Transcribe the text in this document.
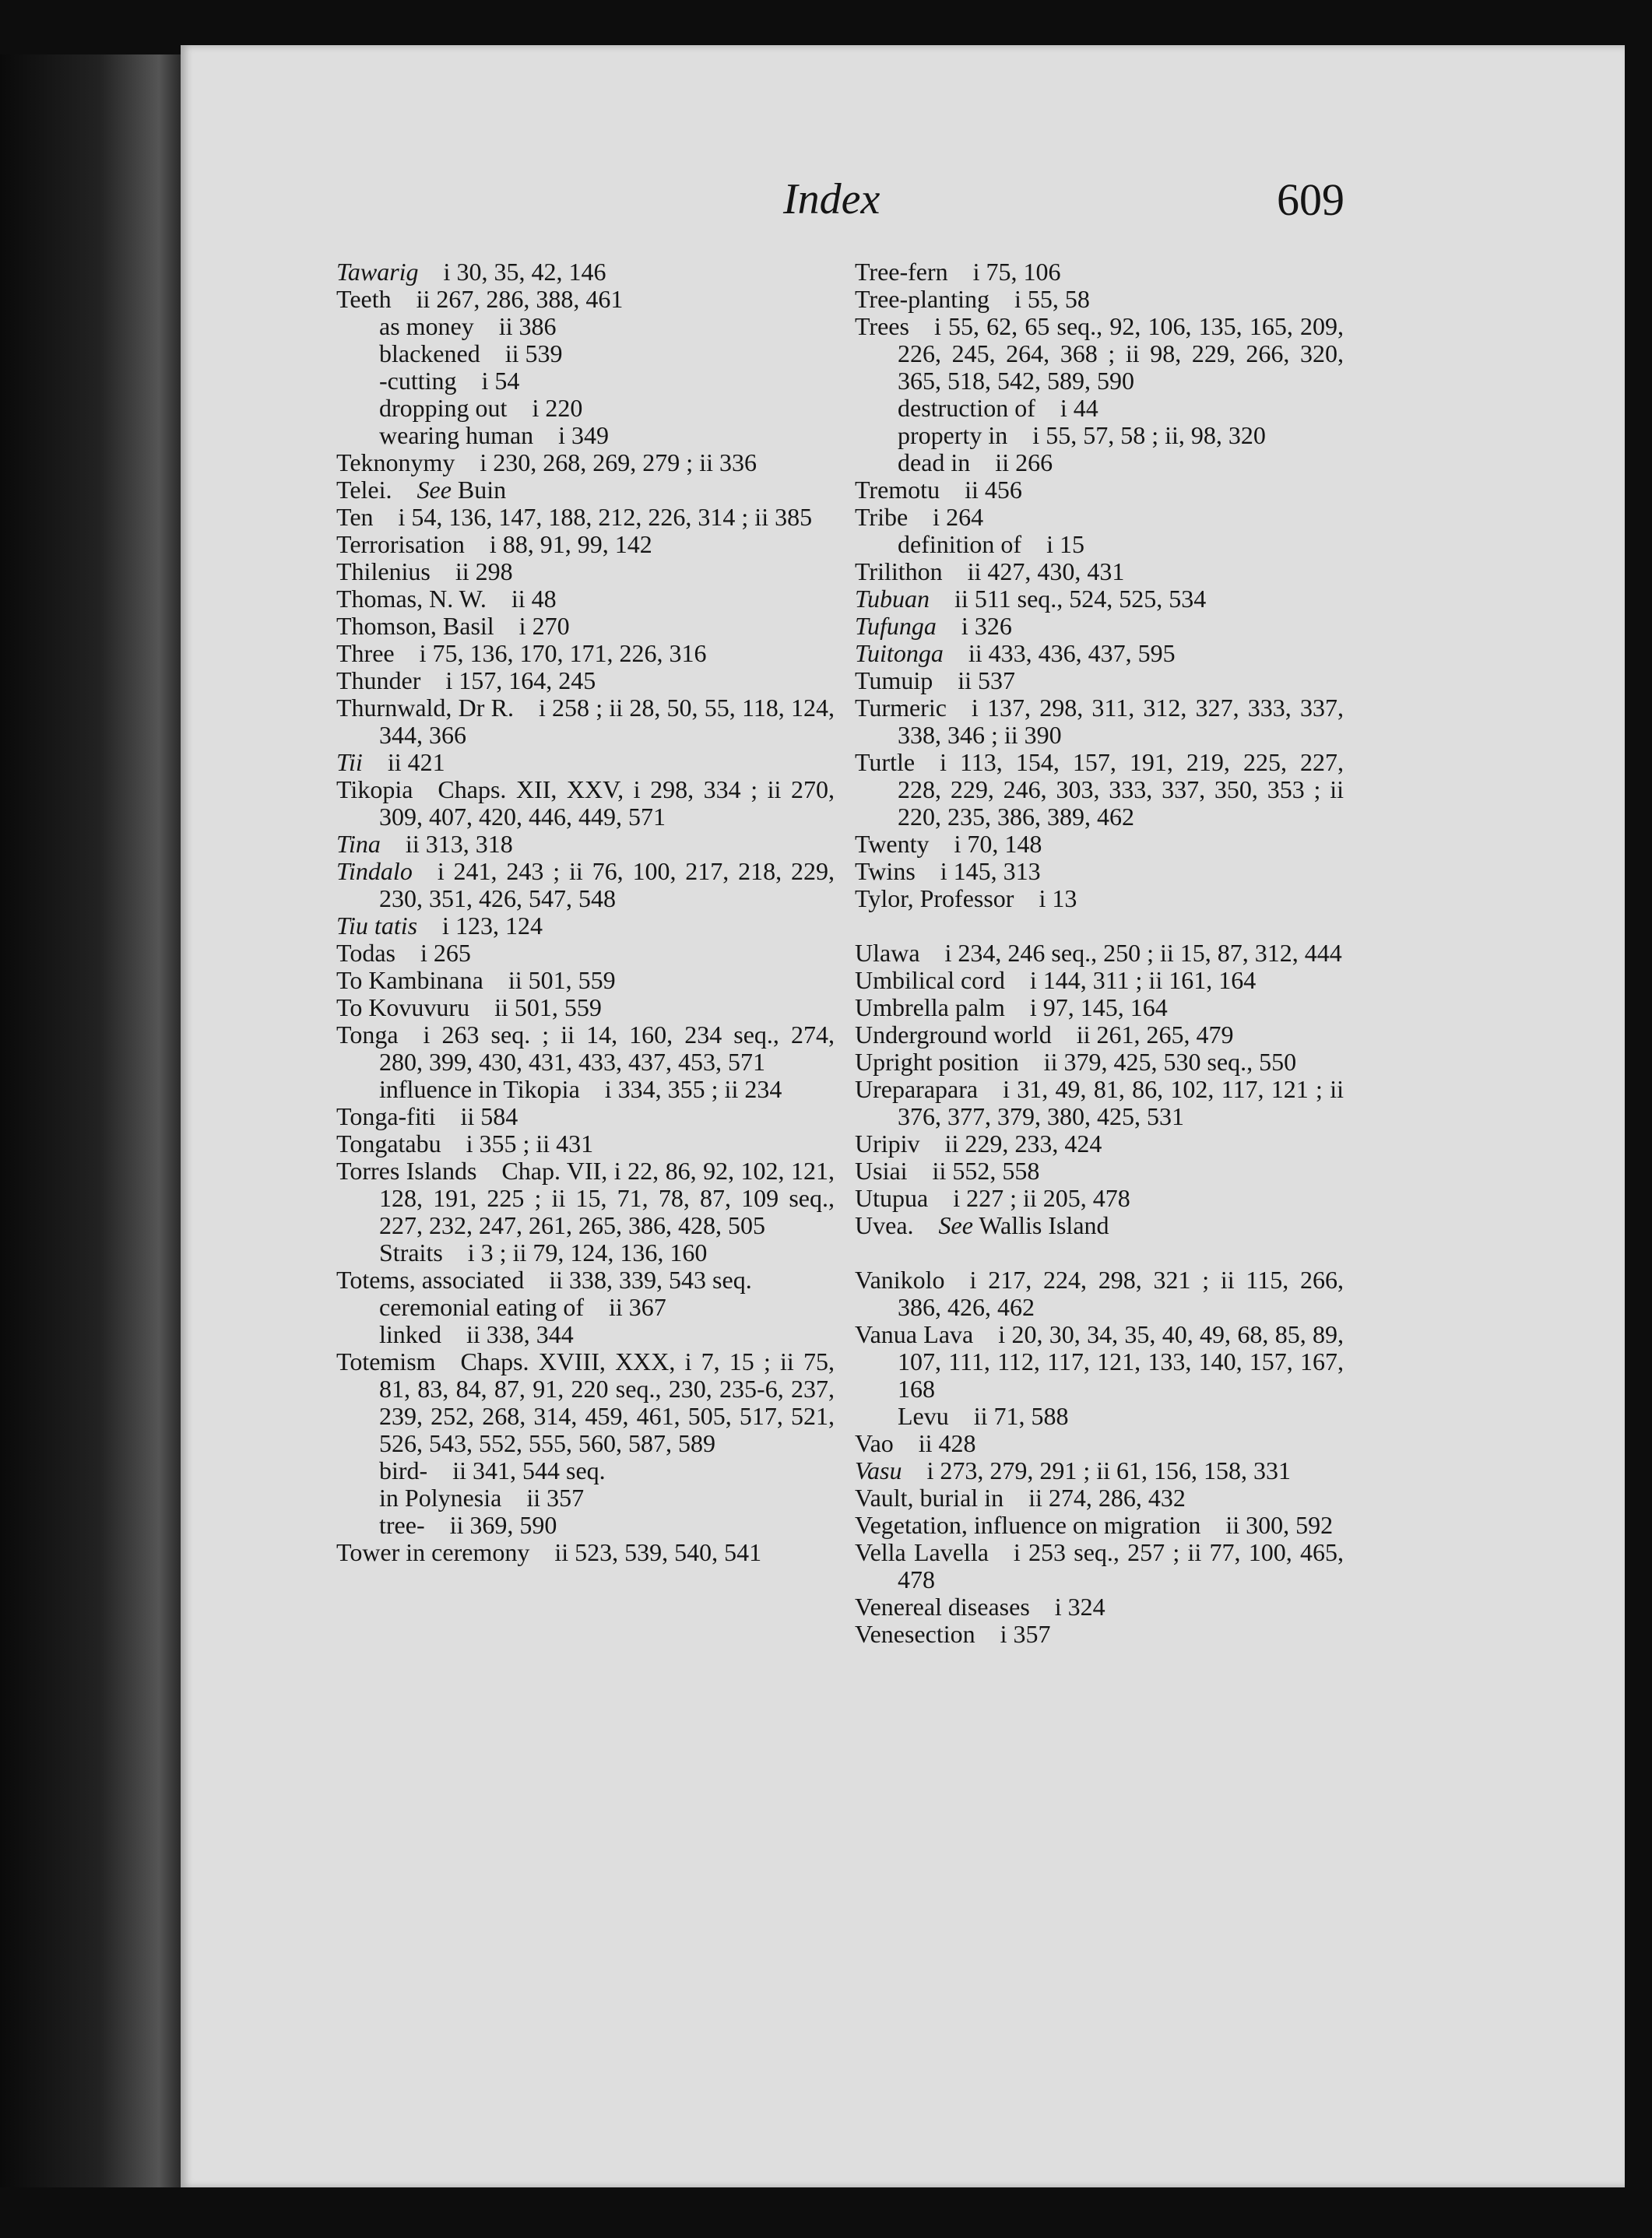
Index	609
Tawarig  i 30, 35, 42, 146
Teeth  ii 267, 286, 388, 461
as money  ii 386
blackened  ii 539
-cutting  i 54
dropping out  i 220
wearing human  i 349
Teknonymy  i 230, 268, 269, 279 ; ii 336
Telei.  See Buin
Ten  i 54, 136, 147, 188, 212, 226, 314 ; ii 385
Terrorisation  i 88, 91, 99, 142
Thilenius  ii 298
Thomas, N. W.  ii 48
Thomson, Basil  i 270
Three  i 75, 136, 170, 171, 226, 316
Thunder  i 157, 164, 245
Thurnwald, Dr R.  i 258 ; ii 28, 50, 55, 118, 124, 344, 366
Tii  ii 421
Tikopia  Chaps. XII, XXV, i 298, 334 ; ii 270, 309, 407, 420, 446, 449, 571
Tina  ii 313, 318
Tindalo  i 241, 243 ; ii 76, 100, 217, 218, 229, 230, 351, 426, 547, 548
Tiu tatis  i 123, 124
Todas  i 265
To Kambinana  ii 501, 559
To Kovuvuru  ii 501, 559
Tonga  i 263 seq. ; ii 14, 160, 234 seq., 274, 280, 399, 430, 431, 433, 437, 453, 571
influence in Tikopia  i 334, 355 ; ii 234
Tonga-fiti  ii 584
Tongatabu  i 355 ; ii 431
Torres Islands  Chap. VII, i 22, 86, 92, 102, 121, 128, 191, 225 ; ii 15, 71, 78, 87, 109 seq., 227, 232, 247, 261, 265, 386, 428, 505
Straits  i 3 ; ii 79, 124, 136, 160
Totems, associated  ii 338, 339, 543 seq.
ceremonial eating of  ii 367
linked  ii 338, 344
Totemism  Chaps. XVIII, XXX, i 7, 15 ; ii 75, 81, 83, 84, 87, 91, 220 seq., 230, 235-6, 237, 239, 252, 268, 314, 459, 461, 505, 517, 521, 526, 543, 552, 555, 560, 587, 589
bird-  ii 341, 544 seq.
in Polynesia  ii 357
tree-  ii 369, 590
Tower in ceremony  ii 523, 539, 540, 541
Tree-fern  i 75, 106
Tree-planting  i 55, 58
Trees  i 55, 62, 65 seq., 92, 106, 135, 165, 209, 226, 245, 264, 368 ; ii 98, 229, 266, 320, 365, 518, 542, 589, 590
destruction of  i 44
property in  i 55, 57, 58 ; ii, 98, 320
dead in  ii 266
Tremotu  ii 456
Tribe  i 264
definition of  i 15
Trilithon  ii 427, 430, 431
Tubuan  ii 511 seq., 524, 525, 534
Tufunga  i 326
Tuitonga  ii 433, 436, 437, 595
Tumuip  ii 537
Turmeric  i 137, 298, 311, 312, 327, 333, 337, 338, 346 ; ii 390
Turtle  i 113, 154, 157, 191, 219, 225, 227, 228, 229, 246, 303, 333, 337, 350, 353 ; ii 220, 235, 386, 389, 462
Twenty  i 70, 148
Twins  i 145, 313
Tylor, Professor  i 13
Ulawa  i 234, 246 seq., 250 ; ii 15, 87, 312, 444
Umbilical cord  i 144, 311 ; ii 161, 164
Umbrella palm  i 97, 145, 164
Underground world  ii 261, 265, 479
Upright position  ii 379, 425, 530 seq., 550
Ureparapara  i 31, 49, 81, 86, 102, 117, 121 ; ii 376, 377, 379, 380, 425, 531
Uripiv  ii 229, 233, 424
Usiai  ii 552, 558
Utupua  i 227 ; ii 205, 478
Uvea.  See Wallis Island
Vanikolo  i 217, 224, 298, 321 ; ii 115, 266, 386, 426, 462
Vanua Lava  i 20, 30, 34, 35, 40, 49, 68, 85, 89, 107, 111, 112, 117, 121, 133, 140, 157, 167, 168
Levu  ii 71, 588
Vao  ii 428
Vasu  i 273, 279, 291 ; ii 61, 156, 158, 331
Vault, burial in  ii 274, 286, 432
Vegetation, influence on migration  ii 300, 592
Vella Lavella  i 253 seq., 257 ; ii 77, 100, 465, 478
Venereal diseases  i 324
Venesection  i 357
